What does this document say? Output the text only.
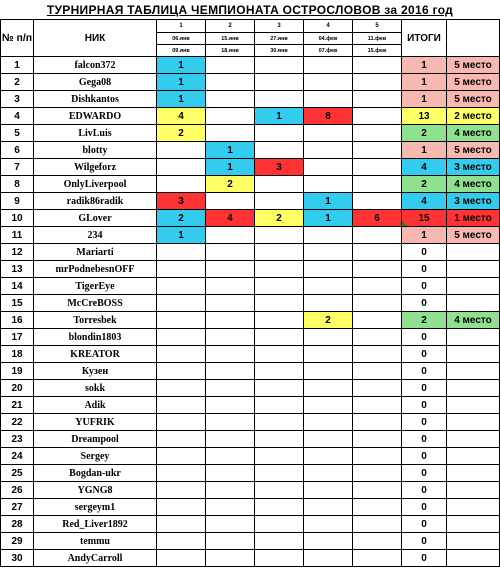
ТУРНИРНАЯ ТАБЛИЦА ЧЕМПИОНАТА ОСТРОСЛОВОВ за 2016 год
№ п/п	НИК	1	2	3	4	5	ИТОГИ	
		06.янв	15.янв	27.янв	04.фев	11.фев		
		09.янв	18.янв	30.янв	07.фев	15.фев		
1	falcon372	1					1	5 место
2	Gega08	1					1	5 место
3	Dishkantos	1					1	5 место
4	EDWARDO	4		1	8		13	2 место
5	LivLuis	2					2	4 место
6	blotty		1				1	5 место
7	Wilgeforz		1	3			4	3 место
8	OnlyLiverpool		2				2	4 место
9	radik86radik	3			1		4	3 место
10	GLover	2	4	2	1	6	15	1 место
11	234	1					1	5 место
12	Mariarti						0	
13	mrPodnebesnOFF						0	
14	TigerEye						0	
15	McCreBOSS						0	
16	Torresbek				2		2	4 место
17	blondin1803						0	
18	KREATOR						0	
19	Кузен						0	
20	sokk						0	
21	Adik						0	
22	YUFRIK						0	
23	Dreampool						0	
24	Sergey						0	
25	Bogdan-ukr						0	
26	YGNG8						0	
27	sergeym1						0	
28	Red_Liver1892						0	
29	temmu						0	
30	AndyCarroll						0	
